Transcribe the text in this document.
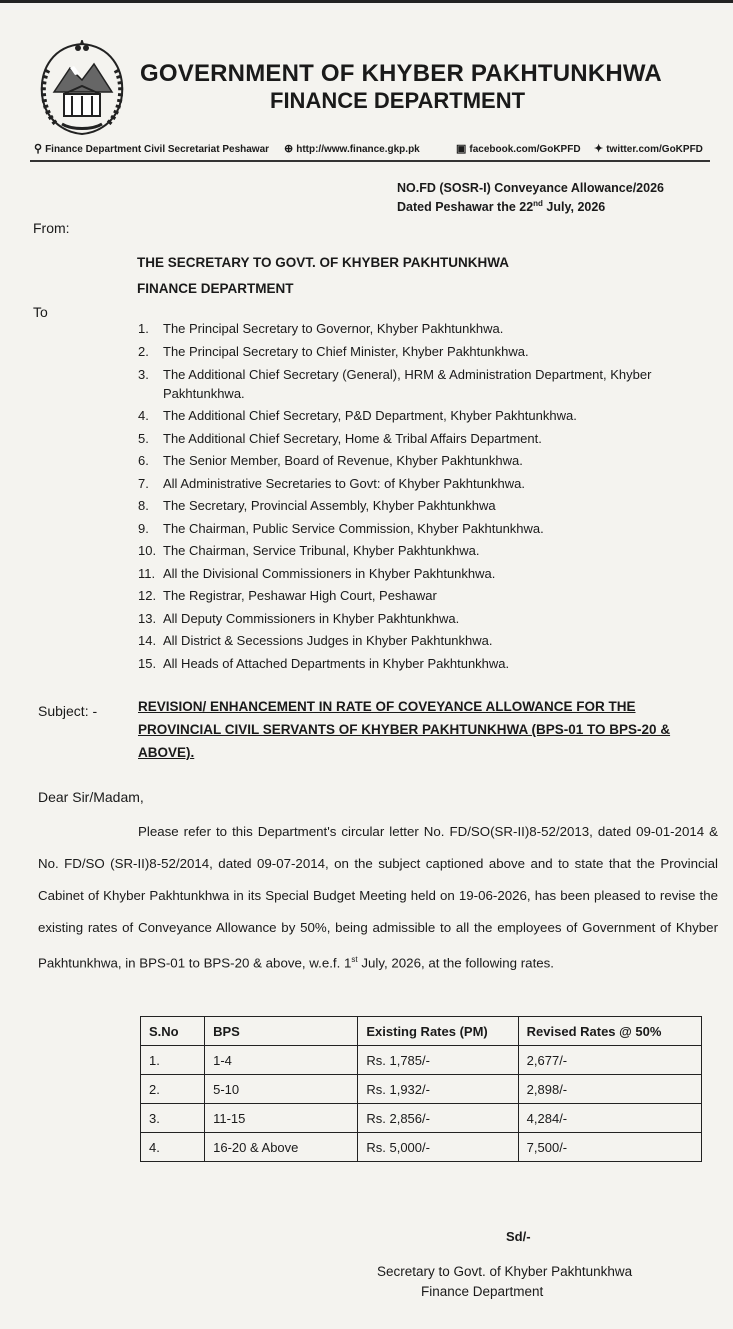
GOVERNMENT OF KHYBER PAKHTUNKHWA
FINANCE DEPARTMENT
⚲ Finance Department Civil Secretariat Peshawar ⊕ http://www.finance.gkp.pk	▣ facebook.com/GoKPFD ✦ twitter.com/GoKPFD
NO.FD (SOSR-I) Conveyance Allowance/2026
Dated Peshawar the 22nd July, 2026
From:
THE SECRETARY TO GOVT. OF KHYBER PAKHTUNKHWA
FINANCE DEPARTMENT
To
1. The Principal Secretary to Governor, Khyber Pakhtunkhwa.
2. The Principal Secretary to Chief Minister, Khyber Pakhtunkhwa.
3. The Additional Chief Secretary (General), HRM & Administration Department, Khyber
Pakhtunkhwa.
4. The Additional Chief Secretary, P&D Department, Khyber Pakhtunkhwa.
5. The Additional Chief Secretary, Home & Tribal Affairs Department.
6. The Senior Member, Board of Revenue, Khyber Pakhtunkhwa.
7. All Administrative Secretaries to Govt: of Khyber Pakhtunkhwa.
8. The Secretary, Provincial Assembly, Khyber Pakhtunkhwa
9. The Chairman, Public Service Commission, Khyber Pakhtunkhwa.
10. The Chairman, Service Tribunal, Khyber Pakhtunkhwa.
11. All the Divisional Commissioners in Khyber Pakhtunkhwa.
12. The Registrar, Peshawar High Court, Peshawar
13. All Deputy Commissioners in Khyber Pakhtunkhwa.
14. All District & Secessions Judges in Khyber Pakhtunkhwa.
15. All Heads of Attached Departments in Khyber Pakhtunkhwa.
Subject: -	REVISION/ ENHANCEMENT IN RATE OF COVEYANCE ALLOWANCE FOR THE PROVINCIAL CIVIL SERVANTS OF KHYBER PAKHTUNKHWA (BPS-01 TO BPS-20 & ABOVE).
Dear Sir/Madam,
Please refer to this Department's circular letter No. FD/SO(SR-II)8-52/2013, dated 09-01-2014 & No. FD/SO (SR-II)8-52/2014, dated 09-07-2014, on the subject captioned above and to state that the Provincial Cabinet of Khyber Pakhtunkhwa in its Special Budget Meeting held on 19-06-2026, has been pleased to revise the existing rates of Conveyance Allowance by 50%, being admissible to all the employees of Government of Khyber Pakhtunkhwa, in BPS-01 to BPS-20 & above, w.e.f. 1st July, 2026, at the following rates.
S.No	BPS	Existing Rates (PM)	Revised Rates @ 50%
1.	1-4	Rs. 1,785/-	2,677/-
2.	5-10	Rs. 1,932/-	2,898/-
3.	11-15	Rs. 2,856/-	4,284/-
4.	16-20 & Above	Rs. 5,000/-	7,500/-
Sd/-
Secretary to Govt. of Khyber Pakhtunkhwa
Finance Department
